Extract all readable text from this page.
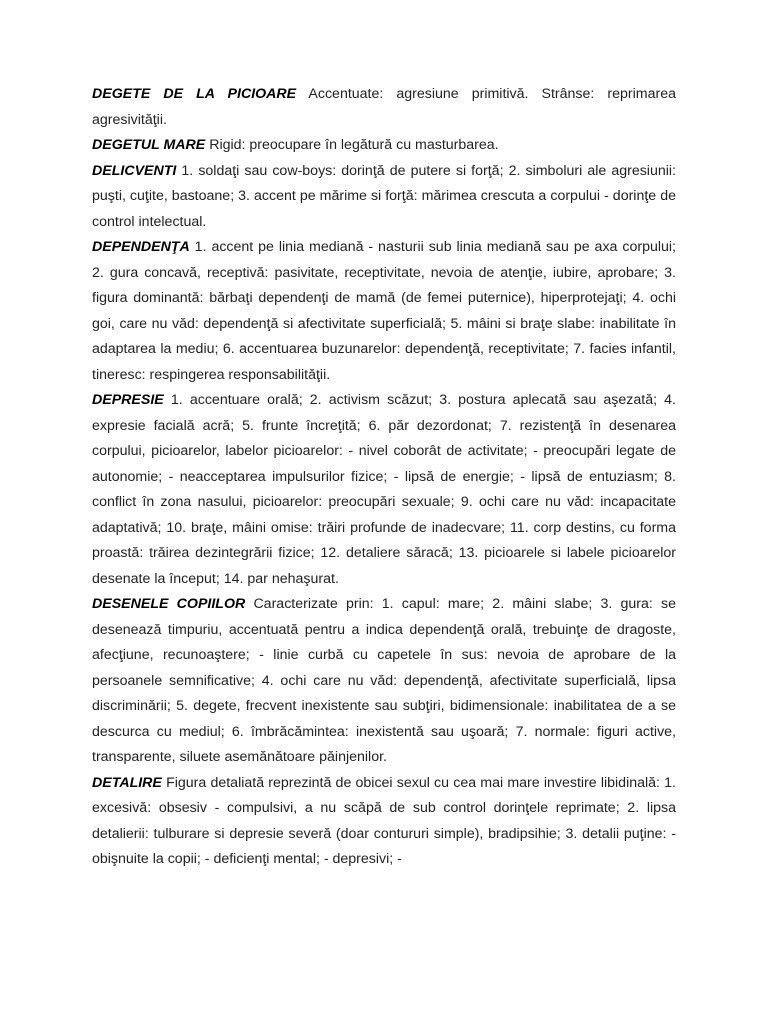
DEGETE DE LA PICIOARE Accentuate: agresiune primitivă. Strânse: reprimarea agresivităţii.

DEGETUL MARE Rigid: preocupare în legătură cu masturbarea.

DELICVENTI 1. soldaţi sau cow-boys: dorinţă de putere si forţă; 2. simboluri ale agresiunii: puşti, cuţite, bastoane; 3. accent pe mărime si forţă: mărimea crescuta a corpului - dorinţe de control intelectual.

DEPENDENŢA 1. accent pe linia mediană - nasturii sub linia mediană sau pe axa corpului; 2. gura concavă, receptivă: pasivitate, receptivitate, nevoia de atenţie, iubire, aprobare; 3. figura dominantă: bărbaţi dependenţi de mamă (de femei puternice), hiperprotejaţi; 4. ochi goi, care nu văd: dependenţă si afectivitate superficială; 5. mâini si braţe slabe: inabilitate în adaptarea la mediu; 6. accentuarea buzunarelor: dependenţă, receptivitate; 7. facies infantil, tineresc: respingerea responsabilităţii.

DEPRESIE 1. accentuare orală; 2. activism scăzut; 3. postura aplecată sau aşezată; 4. expresie facială acră; 5. frunte încreţită; 6. păr dezordonat; 7. rezistenţă în desenarea corpului, picioarelor, labelor picioarelor: - nivel coborât de activitate; - preocupări legate de autonomie; - neacceptarea impulsurilor fizice; - lipsă de energie; - lipsă de entuziasm; 8. conflict în zona nasului, picioarelor: preocupări sexuale; 9. ochi care nu văd: incapacitate adaptativă; 10. braţe, mâini omise: trăiri profunde de inadecvare; 11. corp destins, cu forma proastă: trăirea dezintegrării fizice; 12. detaliere săracă; 13. picioarele si labele picioarelor desenate la început; 14. par nehaşurat.

DESENELE COPIILOR Caracterizate prin: 1. capul: mare; 2. mâini slabe; 3. gura: se desenează timpuriu, accentuată pentru a indica dependenţă orală, trebuinţe de dragoste, afecţiune, recunoaştere; - linie curbă cu capetele în sus: nevoia de aprobare de la persoanele semnificative; 4. ochi care nu văd: dependenţă, afectivitate superficială, lipsa discriminării; 5. degete, frecvent inexistente sau subţiri, bidimensionale: inabilitatea de a se descurca cu mediul; 6. îmbrăcămintea: inexistentă sau uşoară; 7. normale: figuri active, transparente, siluete asemănătoare păinjenilor.

DETALIRE Figura detaliată reprezintă de obicei sexul cu cea mai mare investire libidinală: 1. excesivă: obsesiv - compulsivi, a nu scăpă de sub control dorinţele reprimate; 2. lipsa detalierii: tulburare si depresie severă (doar contururi simple), bradipsihie; 3. detalii puţine: - obişnuite la copii; - deficienţi mental; - depresivi; -
